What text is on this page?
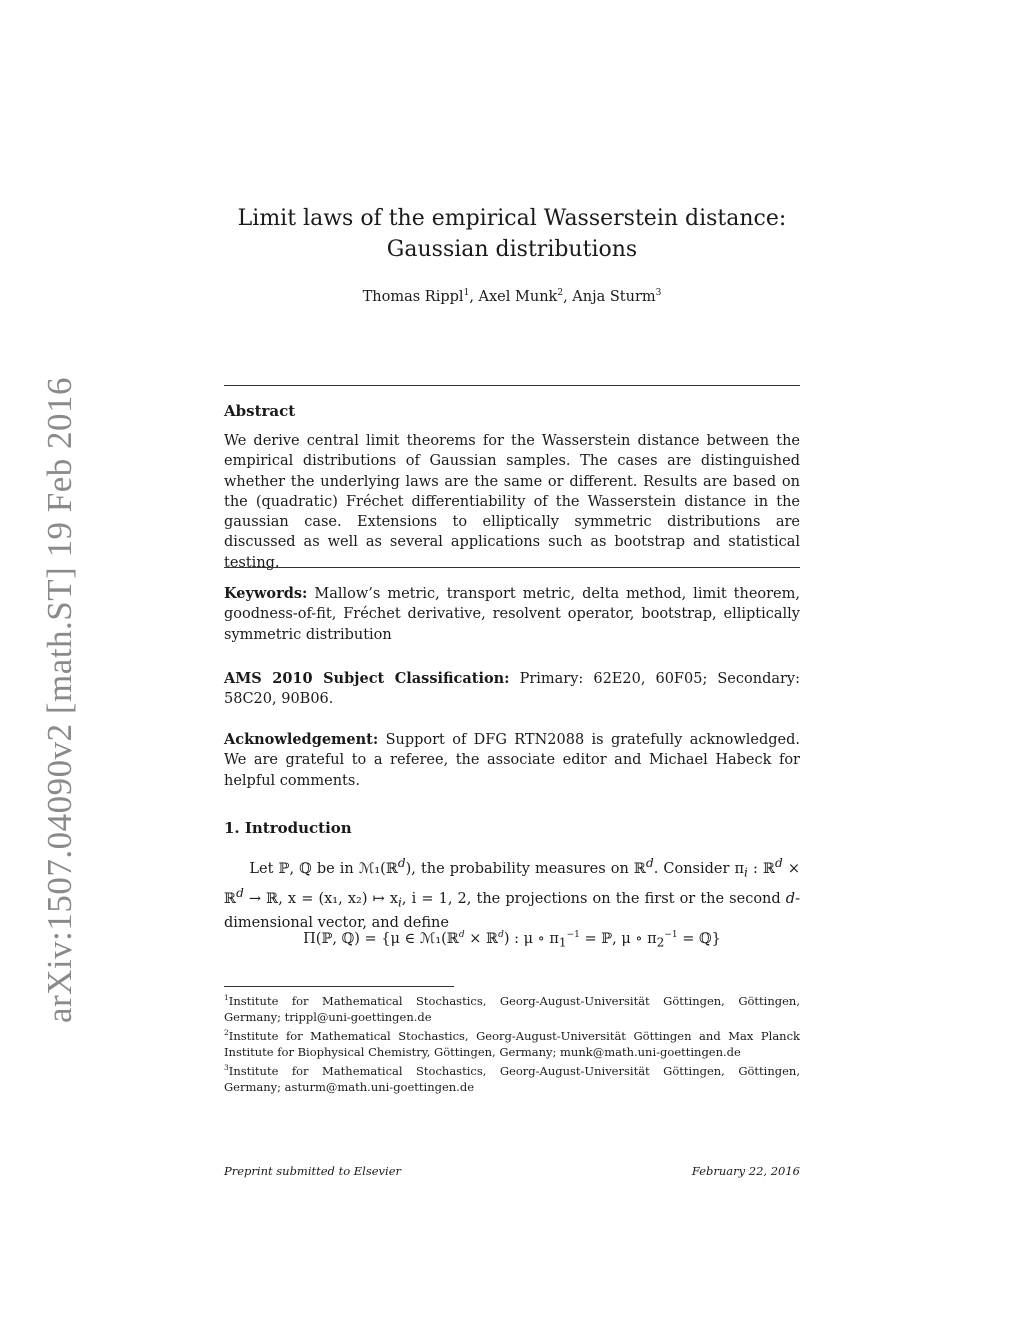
arXiv:1507.04090v2 [math.ST] 19 Feb 2016
Limit laws of the empirical Wasserstein distance:
Gaussian distributions
Thomas Rippl$^1$, Axel Munk$^2$, Anja Sturm$^3$
Abstract
We derive central limit theorems for the Wasserstein distance between the empirical distributions of Gaussian samples. The cases are distinguished whether the underlying laws are the same or different. Results are based on the (quadratic) Fréchet differentiability of the Wasserstein distance in the gaussian case. Extensions to elliptically symmetric distributions are discussed as well as several applications such as bootstrap and statistical testing.
Keywords: Mallow’s metric, transport metric, delta method, limit theorem, goodness-of-fit, Fréchet derivative, resolvent operator, bootstrap, elliptically symmetric distribution
AMS 2010 Subject Classification: Primary: 62E20, 60F05; Secondary: 58C20, 90B06.
Acknowledgement: Support of DFG RTN2088 is gratefully acknowledged. We are grateful to a referee, the associate editor and Michael Habeck for helpful comments.
1. Introduction
Let ℙ, ℚ be in ℳ₁(ℝ$^d$), the probability measures on ℝ$^d$. Consider $\pi_i$ : ℝ$^d$ × ℝ$^d$ → ℝ, x = (x₁, x₂) ↦ $x_i$, i = 1, 2, the projections on the first or the second d-dimensional vector, and define
Π(ℙ, ℚ) = {μ ∈ ℳ₁(ℝ$^d$ × ℝ$^d$) : μ ∘ $\pi_1^{-1}$ = ℙ, μ ∘ $\pi_2^{-1}$ = ℚ}

$^1$Institute for Mathematical Stochastics, Georg-August-Universität Göttingen, Göttingen, Germany; trippl@uni-goettingen.de

$^2$Institute for Mathematical Stochastics, Georg-August-Universität Göttingen and Max Planck Institute for Biophysical Chemistry, Göttingen, Germany; munk@math.uni-goettingen.de

$^3$Institute for Mathematical Stochastics, Georg-August-Universität Göttingen, Göttingen, Germany; asturm@math.uni-goettingen.de

Preprint submitted to Elsevier	February 22, 2016
